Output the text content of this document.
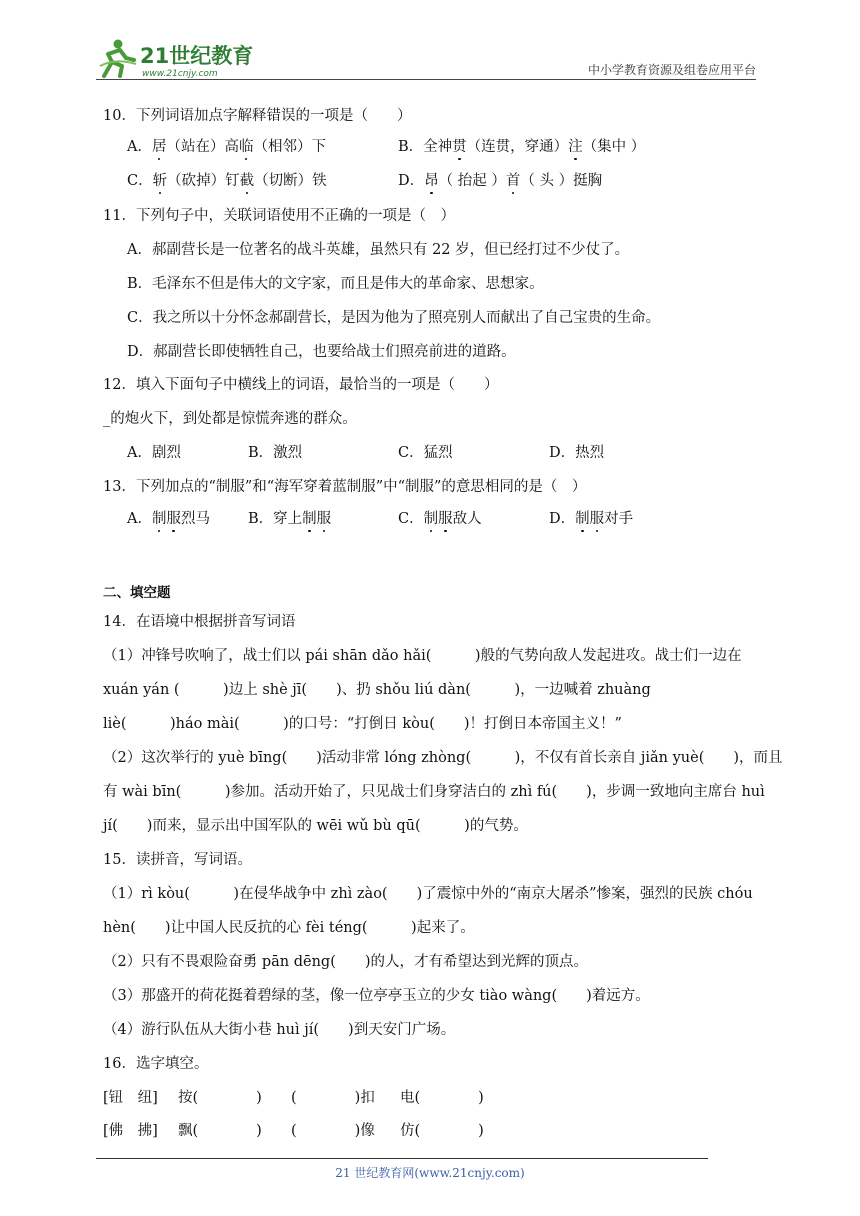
21世纪教育
www.21cnjy.com	中小学教育资源及组卷应用平台
10．下列词语加点字解释错误的一项是（　　）
A．居（站在）高临（相邻）下	B．全神贯（连贯，穿通）注（集中 ）
C．斩（砍掉）钉截（切断）铁	D．昂（ 抬起 ）首（ 头 ）挺胸
11．下列句子中，关联词语使用不正确的一项是（　）
A．郝副营长是一位著名的战斗英雄，虽然只有 22 岁，但已经打过不少仗了。
B．毛泽东不但是伟大的文字家，而且是伟大的革命家、思想家。
C．我之所以十分怀念郝副营长，是因为他为了照亮别人而献出了自己宝贵的生命。
D．郝副营长即使牺牲自己，也要给战士们照亮前进的道路。
12．填入下面句子中横线上的词语，最恰当的一项是（　　）
_的炮火下，到处都是惊慌奔逃的群众。
A．剧烈	B．激烈	C．猛烈	D．热烈
13．下列加点的“制服”和“海军穿着蓝制服”中“制服”的意思相同的是（　）
A．制服烈马	B．穿上制服	C．制服敌人	D．制服对手
二、填空题
14．在语境中根据拼音写词语
（1）冲锋号吹响了，战士们以 pái shān dǎo hǎi(　　　)般的气势向敌人发起进攻。战士们一边在
xuán yán (　　　)边上 shè jī(　　)、扔 shǒu liú dàn(　　　)，一边喊着 zhuàng
liè(　　　)háo mài(　　　)的口号：“打倒日 kòu(　　)！打倒日本帝国主义！”
（2）这次举行的 yuè bīng(　　)活动非常 lóng zhòng(　　　)，不仅有首长亲自 jiǎn yuè(　　)，而且
有 wài bīn(　　　)参加。活动开始了，只见战士们身穿洁白的 zhì fú(　　)，步调一致地向主席台 huì
jí(　　)而来，显示出中国军队的 wēi wǔ bù qū(　　　)的气势。
15．读拼音，写词语。
（1）rì kòu(　　　)在侵华战争中 zhì zào(　　)了震惊中外的“南京大屠杀”惨案，强烈的民族 chóu
hèn(　　)让中国人民反抗的心 fèi téng(　　　)起来了。
（2）只有不畏艰险奋勇 pān dēng(　　)的人，才有希望达到光辉的顶点。
（3）那盛开的荷花挺着碧绿的茎，像一位亭亭玉立的少女 tiào wàng(　　)着远方。
（4）游行队伍从大街小巷 huì jí(　　)到天安门广场。
16．选字填空。
[钮　纽] 按(　　　　) (　　　　)扣 电(　　　　)
[佛　拂] 飘(　　　　) (　　　　)像 仿(　　　　)
21 世纪教育网(www.21cnjy.com)
